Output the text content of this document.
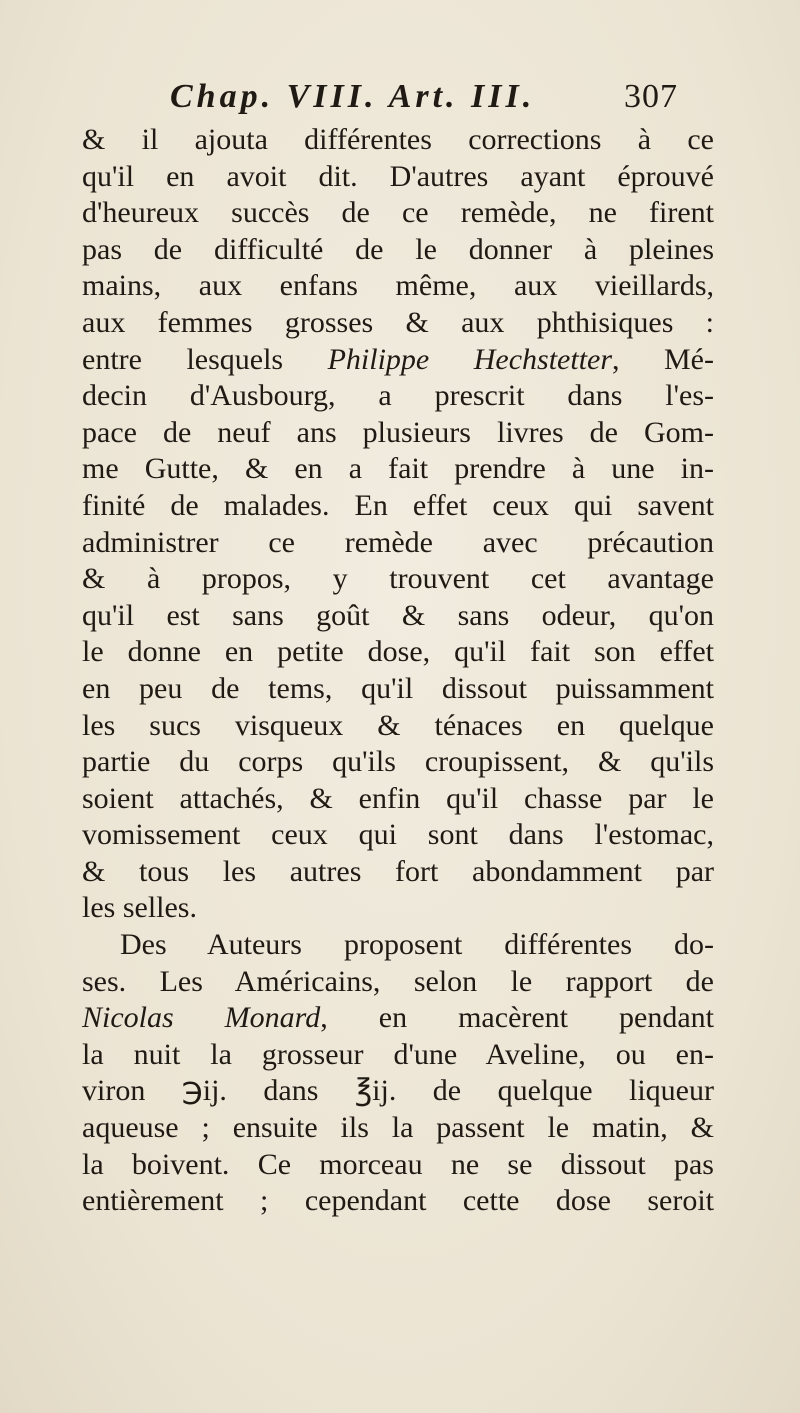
Chap. VIII. Art. III.	307
& il ajouta différentes corrections à ce
qu'il en avoit dit. D'autres ayant éprouvé
d'heureux succès de ce remède, ne firent
pas de difficulté de le donner à pleines
mains, aux enfans même, aux vieillards,
aux femmes grosses & aux phthisiques :
entre lesquels Philippe Hechstetter, Mé-
decin d'Ausbourg, a prescrit dans l'es-
pace de neuf ans plusieurs livres de Gom-
me Gutte, & en a fait prendre à une in-
finité de malades. En effet ceux qui savent
administrer ce remède avec précaution
& à propos, y trouvent cet avantage
qu'il est sans goût & sans odeur, qu'on
le donne en petite dose, qu'il fait son effet
en peu de tems, qu'il dissout puissamment
les sucs visqueux & ténaces en quelque
partie du corps qu'ils croupissent, & qu'ils
soient attachés, & enfin qu'il chasse par le
vomissement ceux qui sont dans l'estomac,
& tous les autres fort abondamment par
les selles.
Des Auteurs proposent différentes do-
ses. Les Américains, selon le rapport de
Nicolas Monard, en macèrent pendant
la nuit la grosseur d'une Aveline, ou en-
viron ℈ij. dans ℥ij. de quelque liqueur
aqueuse ; ensuite ils la passent le matin, &
la boivent. Ce morceau ne se dissout pas
entièrement ; cependant cette dose seroit
